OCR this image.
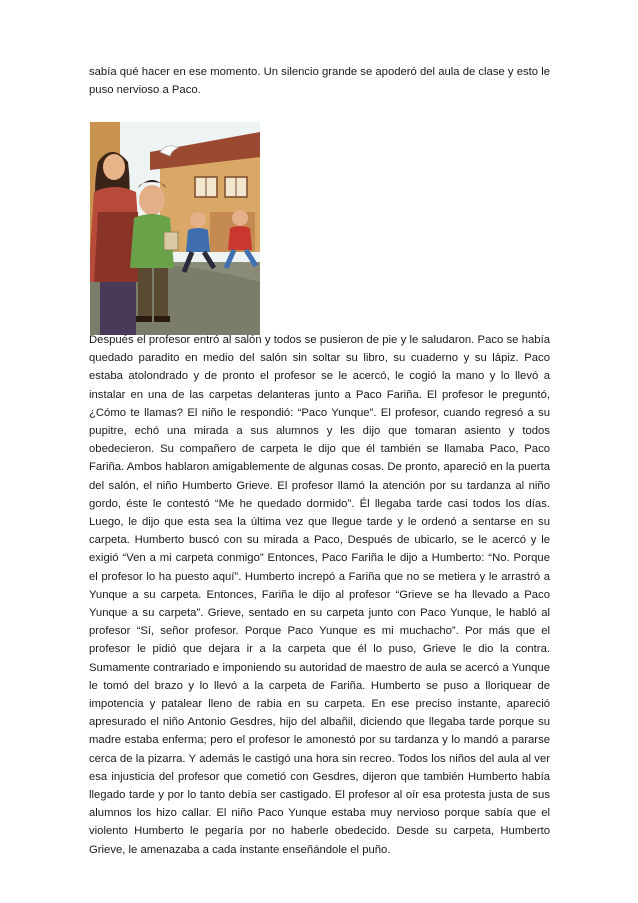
sabía qué hacer en ese momento. Un silencio grande se apoderó del aula de clase y esto le puso nervioso a Paco.

Después el profesor entró al salón y todos se pusieron de pie y le saludaron. Paco se había quedado paradito en medio del salón sin soltar su libro, su cuaderno y su lápiz. Paco estaba atolondrado y de pronto el profesor se le acercó, le cogió la mano y lo llevó a instalar en una de las carpetas delanteras junto a Paco Fariña. El profesor le preguntó, ¿Cómo te llamas? El niño le respondió: “Paco Yunque”. El profesor, cuando regresó a su pupitre, echó una mirada a sus alumnos y les dijo que tomaran asiento y todos obedecieron. Su compañero de carpeta le dijo que él también se llamaba Paco, Paco Fariña. Ambos hablaron amigablemente de algunas cosas. De pronto, apareció en la puerta del salón, el niño Humberto Grieve. El profesor llamó la atención por su tardanza al niño gordo, éste le contestó “Me he quedado dormido”. Él llegaba tarde casi todos los días. Luego, le dijo que esta sea la última vez que llegue tarde y le ordenó a sentarse en su carpeta. Humberto buscó con su mirada a Paco, Después de ubicarlo, se le acercó y le exigió “Ven a mi carpeta conmigo” Entonces, Paco Fariña le dijo a Humberto: “No. Porque el profesor lo ha puesto aquí”. Humberto increpó a Fariña que no se metiera y le arrastró a Yunque a su carpeta. Entonces, Fariña le dijo al profesor “Grieve se ha llevado a Paco Yunque a su carpeta”. Grieve, sentado en su carpeta junto con Paco Yunque, le habló al profesor “Sí, señor profesor. Porque Paco Yunque es mi muchacho”. Por más que el profesor le pidió que dejara ir a la carpeta que él lo puso, Grieve le dio la contra. Sumamente contrariado e imponiendo su autoridad de maestro de aula se acercó a Yunque le tomó del brazo y lo llevó a la carpeta de Fariña. Humberto se puso a lloriquear de impotencia y patalear lleno de rabia en su carpeta. En ese preciso instante, apareció apresurado el niño Antonio Gesdres, hijo del albañil, diciendo que llegaba tarde porque su madre estaba enferma; pero el profesor le amonestó por su tardanza y lo mandó a pararse cerca de la pizarra. Y además le castigó una hora sin recreo. Todos los niños del aula al ver esa injusticia del profesor que cometió con Gesdres, dijeron que también Humberto había llegado tarde y por lo tanto debía ser castigado. El profesor al oír esa protesta justa de sus alumnos los hizo callar. El niño Paco Yunque estaba muy nervioso porque sabía que el violento Humberto le pegaría por no haberle obedecido. Desde su carpeta, Humberto Grieve, le amenazaba a cada instante enseñándole el puño.
